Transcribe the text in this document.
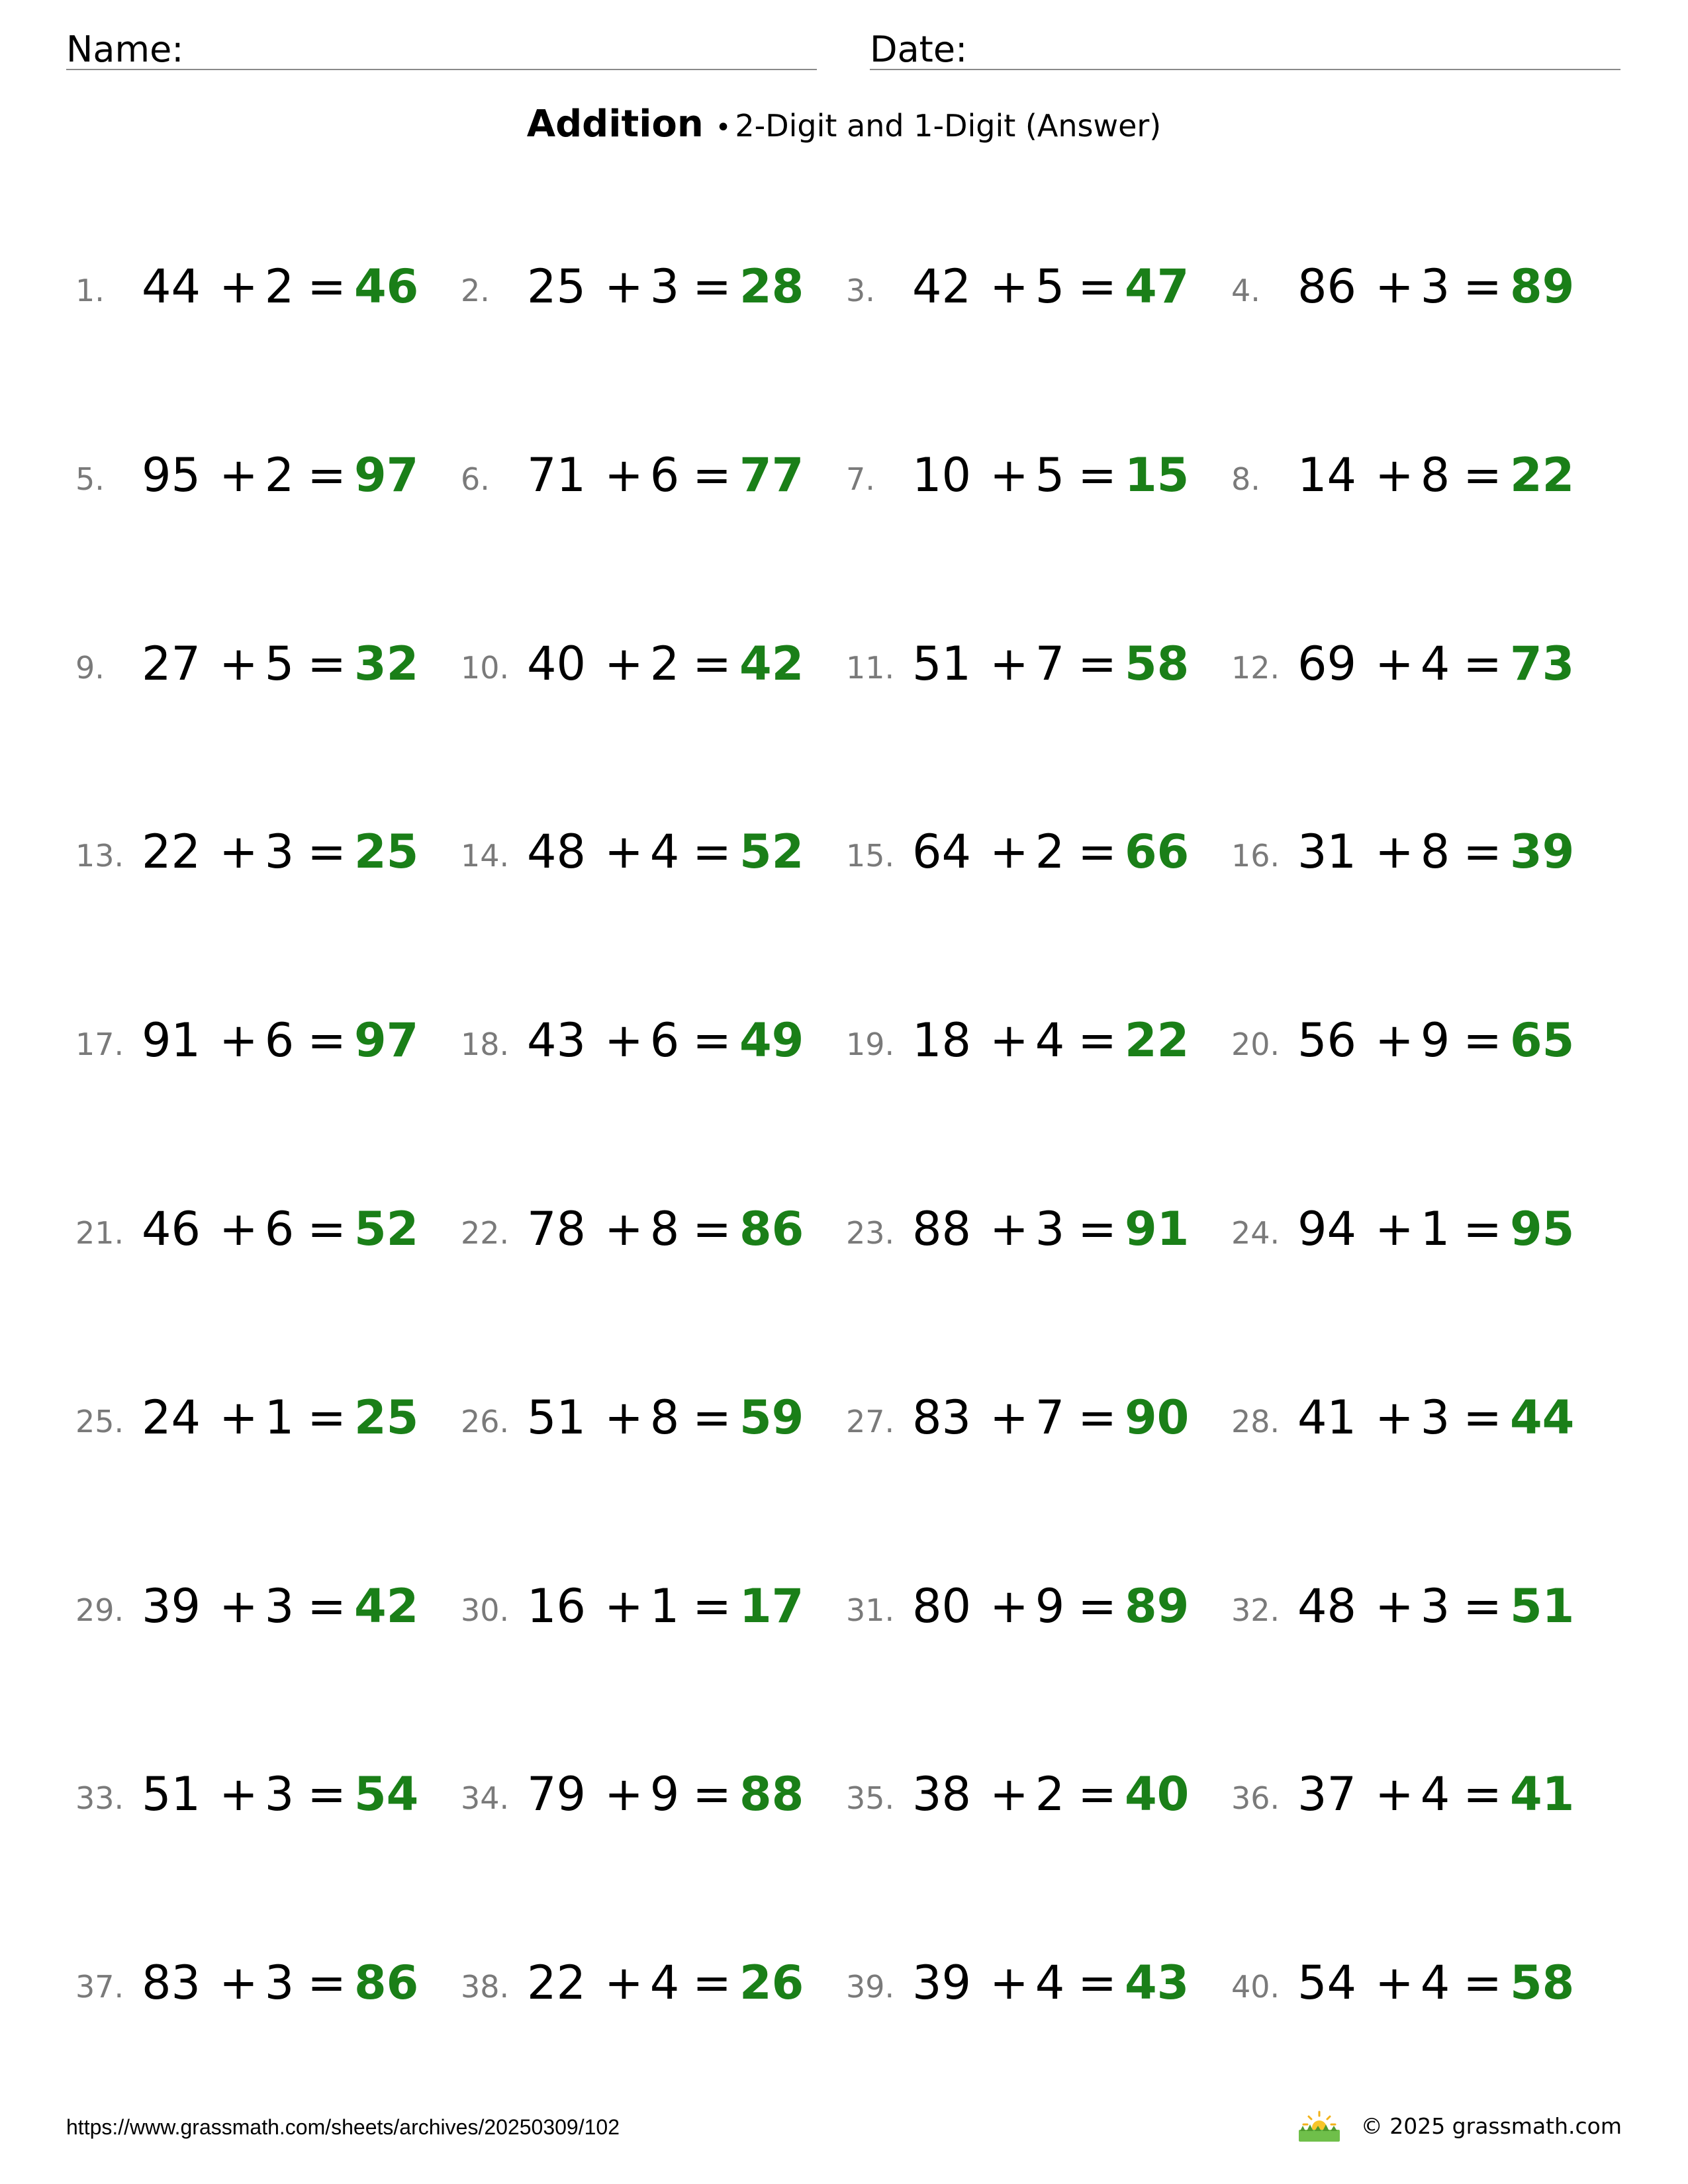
Name:	Date:
Addition • 2-Digit and 1-Digit (Answer)
1. 44 + 2 = 46 2. 25 + 3 = 28 3. 42 + 5 = 47 4. 86 + 3 = 89
5. 95 + 2 = 97 6. 71 + 6 = 77 7. 10 + 5 = 15 8. 14 + 8 = 22
9. 27 + 5 = 32 10. 40 + 2 = 42 11. 51 + 7 = 58 12. 69 + 4 = 73
13. 22 + 3 = 25 14. 48 + 4 = 52 15. 64 + 2 = 66 16. 31 + 8 = 39
17. 91 + 6 = 97 18. 43 + 6 = 49 19. 18 + 4 = 22 20. 56 + 9 = 65
21. 46 + 6 = 52 22. 78 + 8 = 86 23. 88 + 3 = 91 24. 94 + 1 = 95
25. 24 + 1 = 25 26. 51 + 8 = 59 27. 83 + 7 = 90 28. 41 + 3 = 44
29. 39 + 3 = 42 30. 16 + 1 = 17 31. 80 + 9 = 89 32. 48 + 3 = 51
33. 51 + 3 = 54 34. 79 + 9 = 88 35. 38 + 2 = 40 36. 37 + 4 = 41
37. 83 + 3 = 86 38. 22 + 4 = 26 39. 39 + 4 = 43 40. 54 + 4 = 58
https://www.grassmath.com/sheets/archives/20250309/102	© 2025 grassmath.com
